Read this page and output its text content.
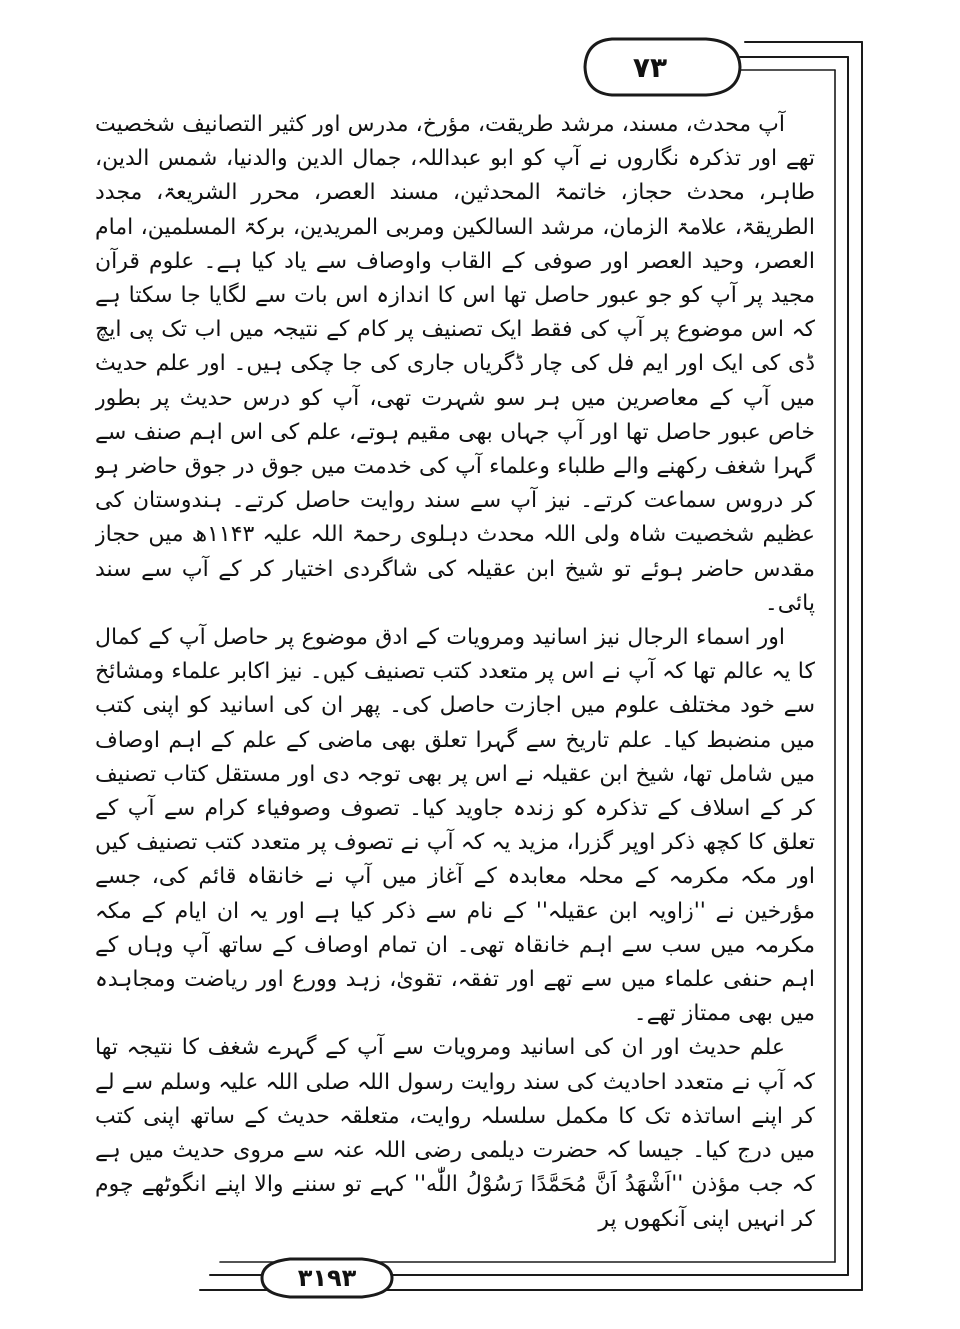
۷۳
۳۱۹۳

آپ محدث، مسند، مرشد طریقت، مؤرخ، مدرس اور کثیر التصانیف شخصیت تھے اور تذکرہ نگاروں نے آپ کو ابو عبداللہ، جمال الدین والدنیا، شمس الدین، طاہر، محدث حجاز، خاتمۃ المحدثین، مسند العصر، محرر الشریعۃ، مجدد الطریقۃ، علامۃ الزمان، مرشد السالکین ومربی المریدین، برکۃ المسلمین، امام العصر، وحید العصر اور صوفی کے القاب واوصاف سے یاد کیا ہے۔ علوم قرآن مجید پر آپ کو جو عبور حاصل تھا اس کا اندازہ اس بات سے لگایا جا سکتا ہے کہ اس موضوع پر آپ کی فقط ایک تصنیف پر کام کے نتیجہ میں اب تک پی ایچ ڈی کی ایک اور ایم فل کی چار ڈگریاں جاری کی جا چکی ہیں۔ اور علم حدیث میں آپ کے معاصرین میں ہر سو شہرت تھی، آپ کو درس حدیث پر بطور خاص عبور حاصل تھا اور آپ جہاں بھی مقیم ہوتے، علم کی اس اہم صنف سے گہرا شغف رکھنے والے طلباء وعلماء آپ کی خدمت میں جوق در جوق حاضر ہو کر دروس سماعت کرتے۔ نیز آپ سے سند روایت حاصل کرتے۔ ہندوستان کی عظیم شخصیت شاہ ولی اللہ محدث دہلوی رحمۃ اللہ علیہ ۱۱۴۳ھ میں حجاز مقدس حاضر ہوئے تو شیخ ابن عقیلہ کی شاگردی اختیار کر کے آپ سے سند پائی۔

اور اسماء الرجال نیز اسانید ومرویات کے ادق موضوع پر حاصل آپ کے کمال کا یہ عالم تھا کہ آپ نے اس پر متعدد کتب تصنیف کیں۔ نیز اکابر علماء ومشائخ سے خود مختلف علوم میں اجازت حاصل کی۔ پھر ان کی اسانید کو اپنی کتب میں منضبط کیا۔ علم تاریخ سے گہرا تعلق بھی ماضی کے علم کے اہم اوصاف میں شامل تھا، شیخ ابن عقیلہ نے اس پر بھی توجہ دی اور مستقل کتاب تصنیف کر کے اسلاف کے تذکرہ کو زندہ جاوید کیا۔ تصوف وصوفیاء کرام سے آپ کے تعلق کا کچھ ذکر اوپر گزرا، مزید یہ کہ آپ نے تصوف پر متعدد کتب تصنیف کیں اور مکہ مکرمہ کے محلہ معابدہ کے آغاز میں آپ نے خانقاہ قائم کی، جسے مؤرخین نے ''زاویہ ابن عقیلہ'' کے نام سے ذکر کیا ہے اور یہ ان ایام کے مکہ مکرمہ میں سب سے اہم خانقاہ تھی۔ ان تمام اوصاف کے ساتھ آپ وہاں کے اہم حنفی علماء میں سے تھے اور تفقہ، تقویٰ، زہد وورع اور ریاضت ومجاہدہ میں بھی ممتاز تھے۔

علم حدیث اور ان کی اسانید ومرویات سے آپ کے گہرے شغف کا نتیجہ تھا کہ آپ نے متعدد احادیث کی سند روایت رسول اللہ صلی اللہ علیہ وسلم سے لے کر اپنے اساتذہ تک کا مکمل سلسلہ روایت، متعلقہ حدیث کے ساتھ اپنی کتب میں درج کیا۔ جیسا کہ حضرت دیلمی رضی اللہ عنہ سے مروی حدیث میں ہے کہ جب مؤذن ''اَشْهَدُ اَنَّ مُحَمَّدًا رَسُوْلُ اللّٰه'' کہے تو سننے والا اپنے انگوٹھے چوم کر انہیں اپنی آنکھوں پر
